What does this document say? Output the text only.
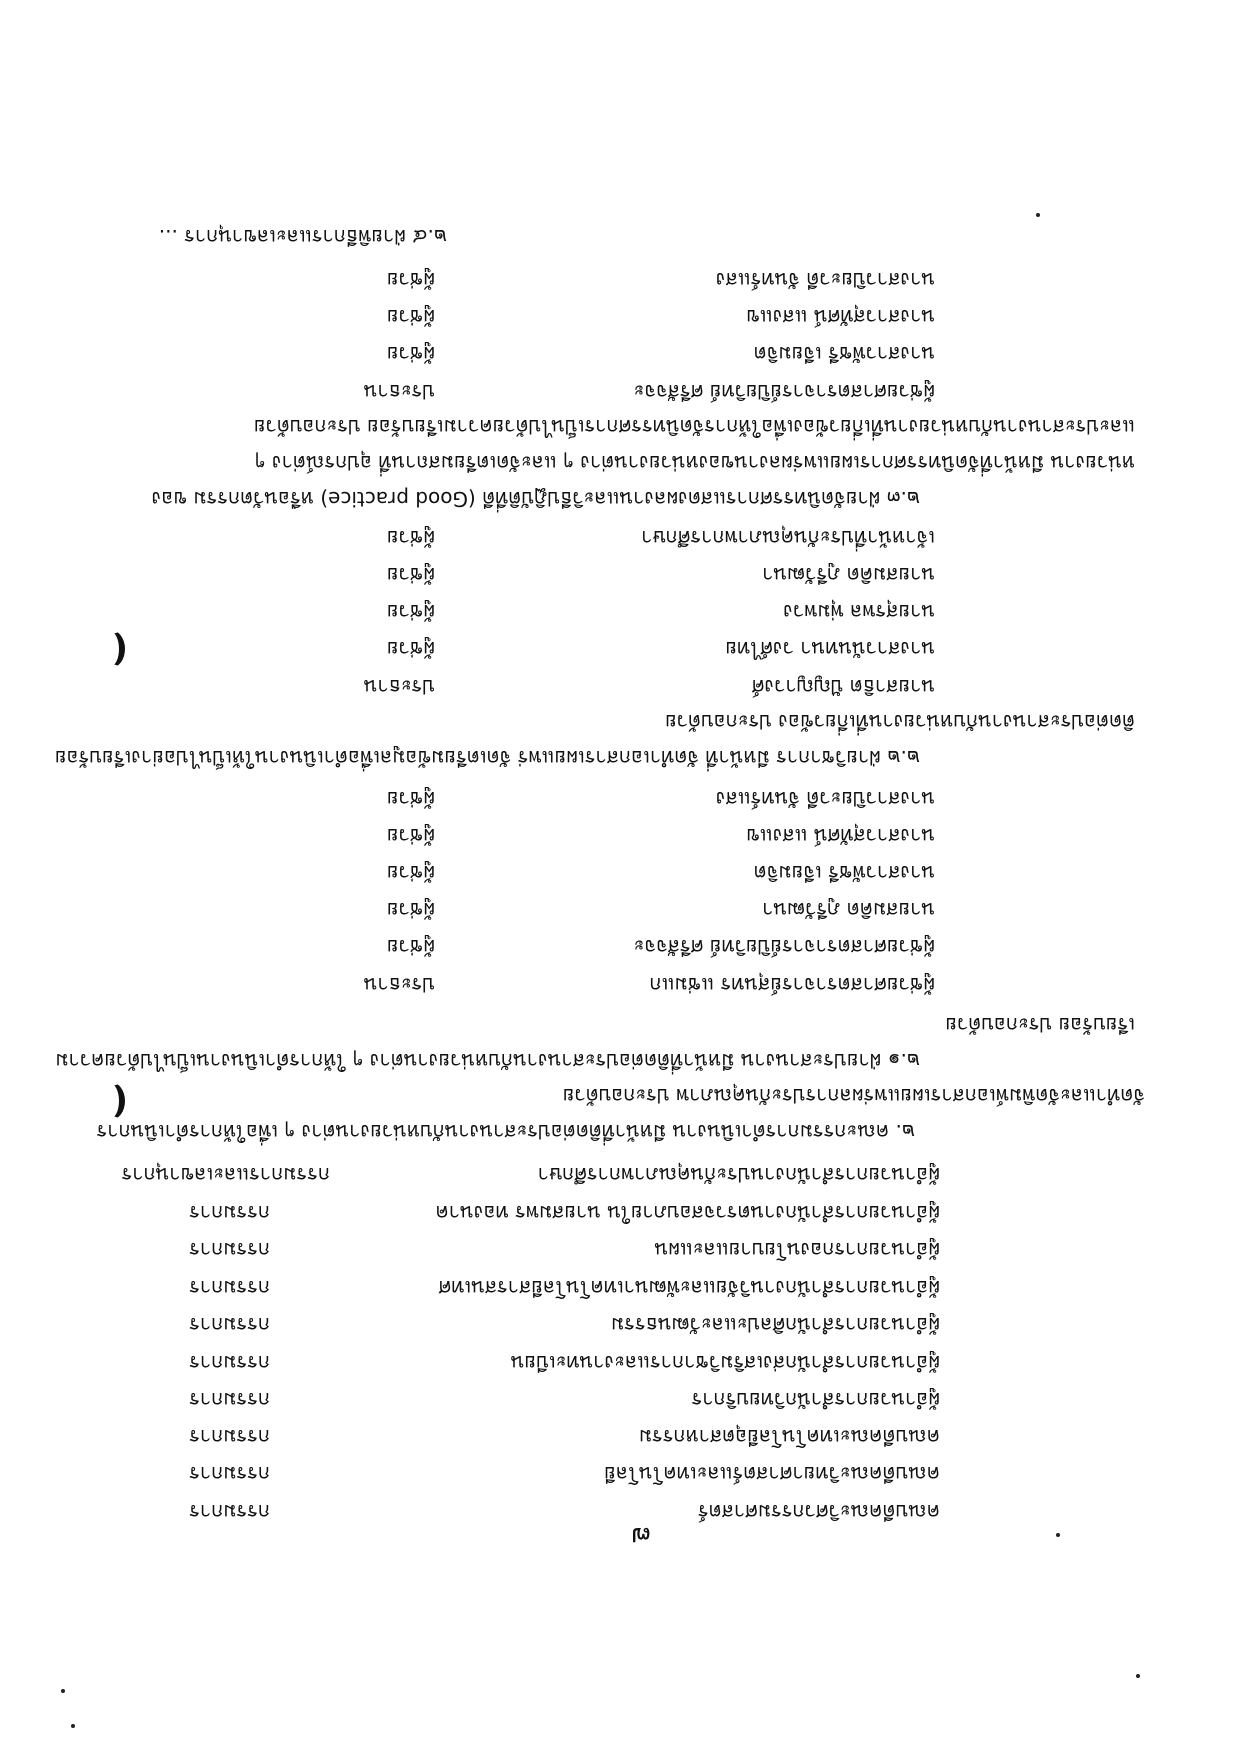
๗
คณบดีคณะวิศวกรรมศาสตร์
กรรมการ
คณบดีคณะวิทยาศาสตร์และเทคโนโลยี
กรรมการ
คณบดีคณะเทคโนโลยีอุตสาหกรรม
กรรมการ
ผู้อำนวยการสำนักวิทยบริการ
กรรมการ
ผู้อำนวยการสำนักส่งเสริมวิชาการและงานทะเบียน
กรรมการ
ผู้อำนวยการสำนักศิลปะและวัฒนธรรม
กรรมการ
ผู้อำนวยการสำนักงานวิจัยและพัฒนาเทคโนโลยีสารสนเทศ
กรรมการ
ผู้อำนวยการกองนโยบายและแผน
กรรมการ
ผู้อำนวยการสำนักงานตรวจสอบภายใน นายสมพร ทองนาค
กรรมการ
ผู้อำนวยการสำนักงานประกันคุณภาพการศึกษา
กรรมการและเลขานุการ
๒. คณะกรรมการดำเนินงาน มีหน้าที่ติดต่อประสานงานกับหน่วยงานต่าง ๆ เพื่อให้การดำเนินการ
จัดทำและจัดพิมพ์เอกสารเผยแพร่ผลการประกันคุณภาพ ประกอบด้วย
๒.๑ ฝ่ายประสานงาน มีหน้าที่ติดต่อประสานงานกับหน่วยงานต่าง ๆ ให้การดำเนินงานเป็นไปด้วยความ
เรียบร้อย ประกอบด้วย
ผู้ช่วยศาสตราจารย์สุนทร แช่มแก
ประธาน
ผู้ช่วยศาสตราจารย์ปิยวิทย์ ศรีสัจจะ
ผู้ช่วย
นายสมคิด ภูรีวัฒนา
ผู้ช่วย
นางสาวพัชรี เจียมจิต
ผู้ช่วย
นางสาวสุทัศน์ แสงแข
ผู้ช่วย
นางสาวปิยะวดี จันทร์แสง
ผู้ช่วย
๒.๒ ฝ่ายวิชาการ มีหน้าที่ จัดทำเอกสารเผยแพร่ จัดเตรียมข้อมูลเพื่อดำเนินงานให้เป็นไปอย่างเรียบร้อย
ติดต่อประสานงานกับหน่วยงานที่เกี่ยวข้อง ประกอบด้วย
นายสาธิต ปัญญาวงศ์
ประธาน
นางสาวนันทนา วงศ์ไทย
ผู้ช่วย
นายสุรพล พุ่มพวง
ผู้ช่วย
นายสมคิด ภูรีวัฒนา
ผู้ช่วย
เจ้าหน้าที่ประกันคุณภาพการศึกษา
ผู้ช่วย
๒.๓ ฝ่ายจัดนิทรรศการแสดงผลงานและวิธีปฏิบัติที่ดี (Good practice) หรือนวัตกรรม ของ
หน่วยงาน มีหน้าที่จัดนิทรรศการเผยแพร่ผลงานของหน่วยงานต่าง ๆ และจัดเตรียมสถานที่ อุปกรณ์ต่าง ๆ
และประสานงานกับหน่วยงานที่เกี่ยวข้องเพื่อให้การจัดนิทรรศการเป็นไปด้วยความเรียบร้อย ประกอบด้วย
ผู้ช่วยศาสตราจารย์ปิยวิทย์ ศรีสัจจะ
ประธาน
นางสาวพัชรี เจียมจิต
ผู้ช่วย
นางสาวสุทัศน์ แสงแข
ผู้ช่วย
นางสาวปิยะวดี จันทร์แสง
ผู้ช่วย
๒.๔ ฝ่ายพิธีการและเลขานุการ ...
